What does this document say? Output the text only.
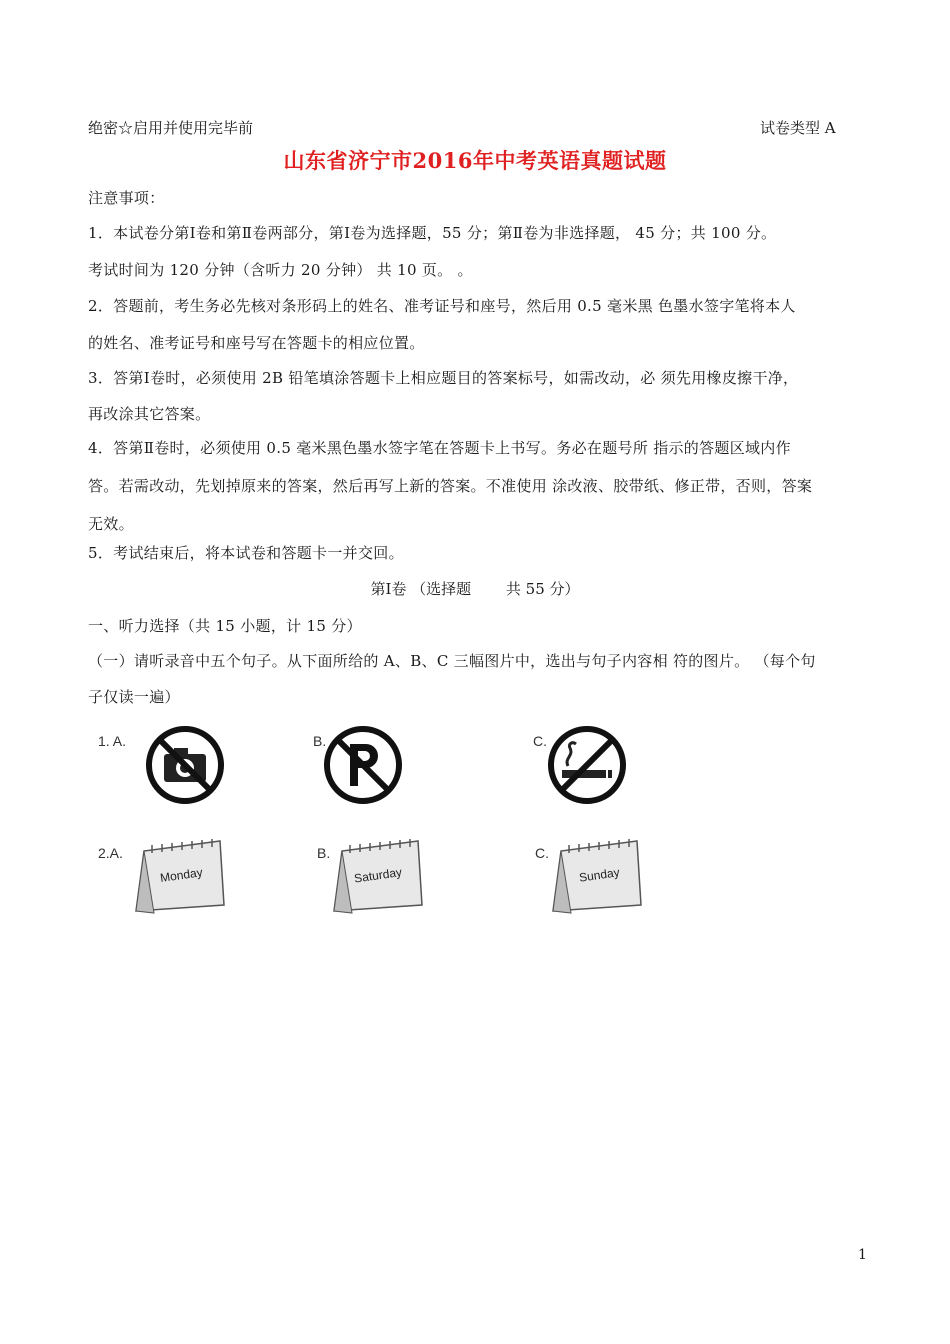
绝密☆启用并使用完毕前	试卷类型 A
山东省济宁市2016年中考英语真题试题
注意事项：
1．本试卷分第Ⅰ卷和第Ⅱ卷两部分，第Ⅰ卷为选择题，55 分；第Ⅱ卷为非选择题， 45 分；共 100 分。
考试时间为 120 分钟（含听力 20 分钟） 共 10 页。 。
2．答题前，考生务必先核对条形码上的姓名、准考证号和座号，然后用 0.5 毫米黑 色墨水签字笔将本人
的姓名、准考证号和座号写在答题卡的相应位置。
3．答第Ⅰ卷时，必须使用 2B 铅笔填涂答题卡上相应题目的答案标号，如需改动，必 须先用橡皮擦干净，
再改涂其它答案。
4．答第Ⅱ卷时，必须使用 0.5 毫米黑色墨水签字笔在答题卡上书写。务必在题号所 指示的答题区域内作
答。若需改动，先划掉原来的答案，然后再写上新的答案。不准使用 涂改液、胶带纸、修正带，否则，答案
无效。
5．考试结束后，将本试卷和答题卡一并交回。
第Ⅰ卷 （选择题　　 共 55 分）
一、听力选择（共 15 小题，计 15 分）
（一）请听录音中五个句子。从下面所给的 A、B、C 三幅图片中，选出与句子内容相 符的图片。 （每个句
子仅读一遍）
1. A.	B.	C.
2.A.	B.	C.
Monday	Saturday	Sunday
1
